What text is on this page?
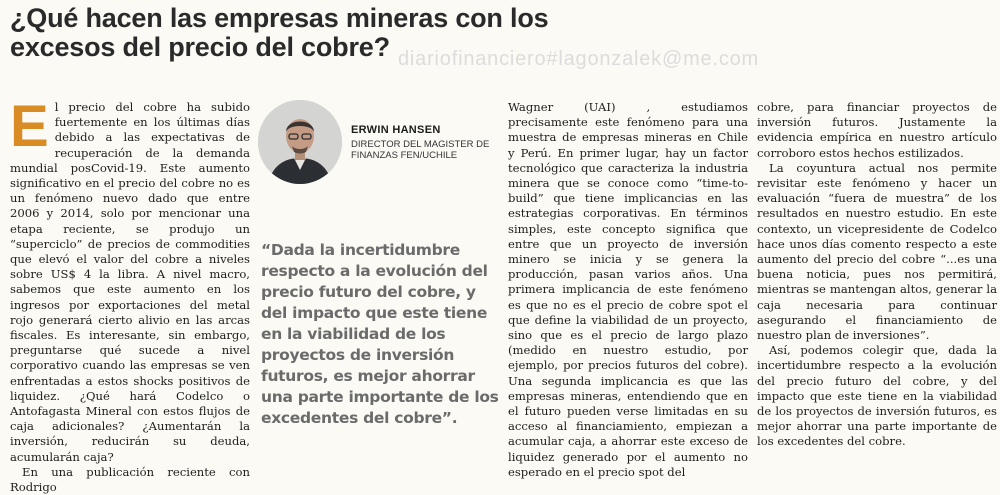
¿Qué hacen las empresas mineras con los excesos del precio del cobre? diariofinanciero#lagonzalek@me.com

El precio del cobre ha subido fuertemente en los últimas días debido a las expectativas de recuperación de la demanda mundial posCovid-19. Este aumento significativo en el precio del cobre no es un fenómeno nuevo dado que entre 2006 y 2014, solo por mencionar una etapa reciente, se produjo un “superciclo” de precios de commodities que elevó el valor del cobre a niveles sobre US$ 4 la libra. A nivel macro, sabemos que este aumento en los ingresos por exportaciones del metal rojo generará cierto alivio en las arcas fiscales. Es interesante, sin embargo, preguntarse qué sucede a nivel corporativo cuando las empresas se ven enfrentadas a estos shocks positivos de liquidez. ¿Qué hará Codelco o Antofagasta Mineral con estos flujos de caja adicionales? ¿Aumentarán la inversión, reducirán su deuda, acumularán caja?

En una publicación reciente con Rodrigo

ERWIN HANSEN
DIRECTOR DEL MAGISTER DE FINANZAS FEN/UCHILE
“Dada la incertidumbre respecto a la evolución del precio futuro del cobre, y del impacto que este tiene en la viabilidad de los proyectos de inversión futuros, es mejor ahorrar una parte importante de los excedentes del cobre”.

Wagner (UAI) , estudiamos precisamente este fenómeno para una muestra de empresas mineras en Chile y Perú. En primer lugar, hay un factor tecnológico que caracteriza la industria minera que se conoce como “time-to-build” que tiene implicancias en las estrategias corporativas. En términos simples, este concepto significa que entre que un proyecto de inversión minero se inicia y se genera la producción, pasan varios años. Una primera implicancia de este fenómeno es que no es el precio de cobre spot el que define la viabilidad de un proyecto, sino que es el precio de largo plazo (medido en nuestro estudio, por ejemplo, por precios futuros del cobre). Una segunda implicancia es que las empresas mineras, entendiendo que en el futuro pueden verse limitadas en su acceso al financiamiento, empiezan a acumular caja, a ahorrar este exceso de liquidez generado por el aumento no esperado en el precio spot del

cobre, para financiar proyectos de inversión futuros. Justamente la evidencia empírica en nuestro artículo corroboro estos hechos estilizados.

La coyuntura actual nos permite revisitar este fenómeno y hacer un evaluación “fuera de muestra” de los resultados en nuestro estudio. En este contexto, un vicepresidente de Codelco hace unos días comento respecto a este aumento del precio del cobre “...es una buena noticia, pues nos permitirá, mientras se mantengan altos, generar la caja necesaria para continuar asegurando el financiamiento de nuestro plan de inversiones”.

Así, podemos colegir que, dada la incertidumbre respecto a la evolución del precio futuro del cobre, y del impacto que este tiene en la viabilidad de los proyectos de inversión futuros, es mejor ahorrar una parte importante de los excedentes del cobre.
